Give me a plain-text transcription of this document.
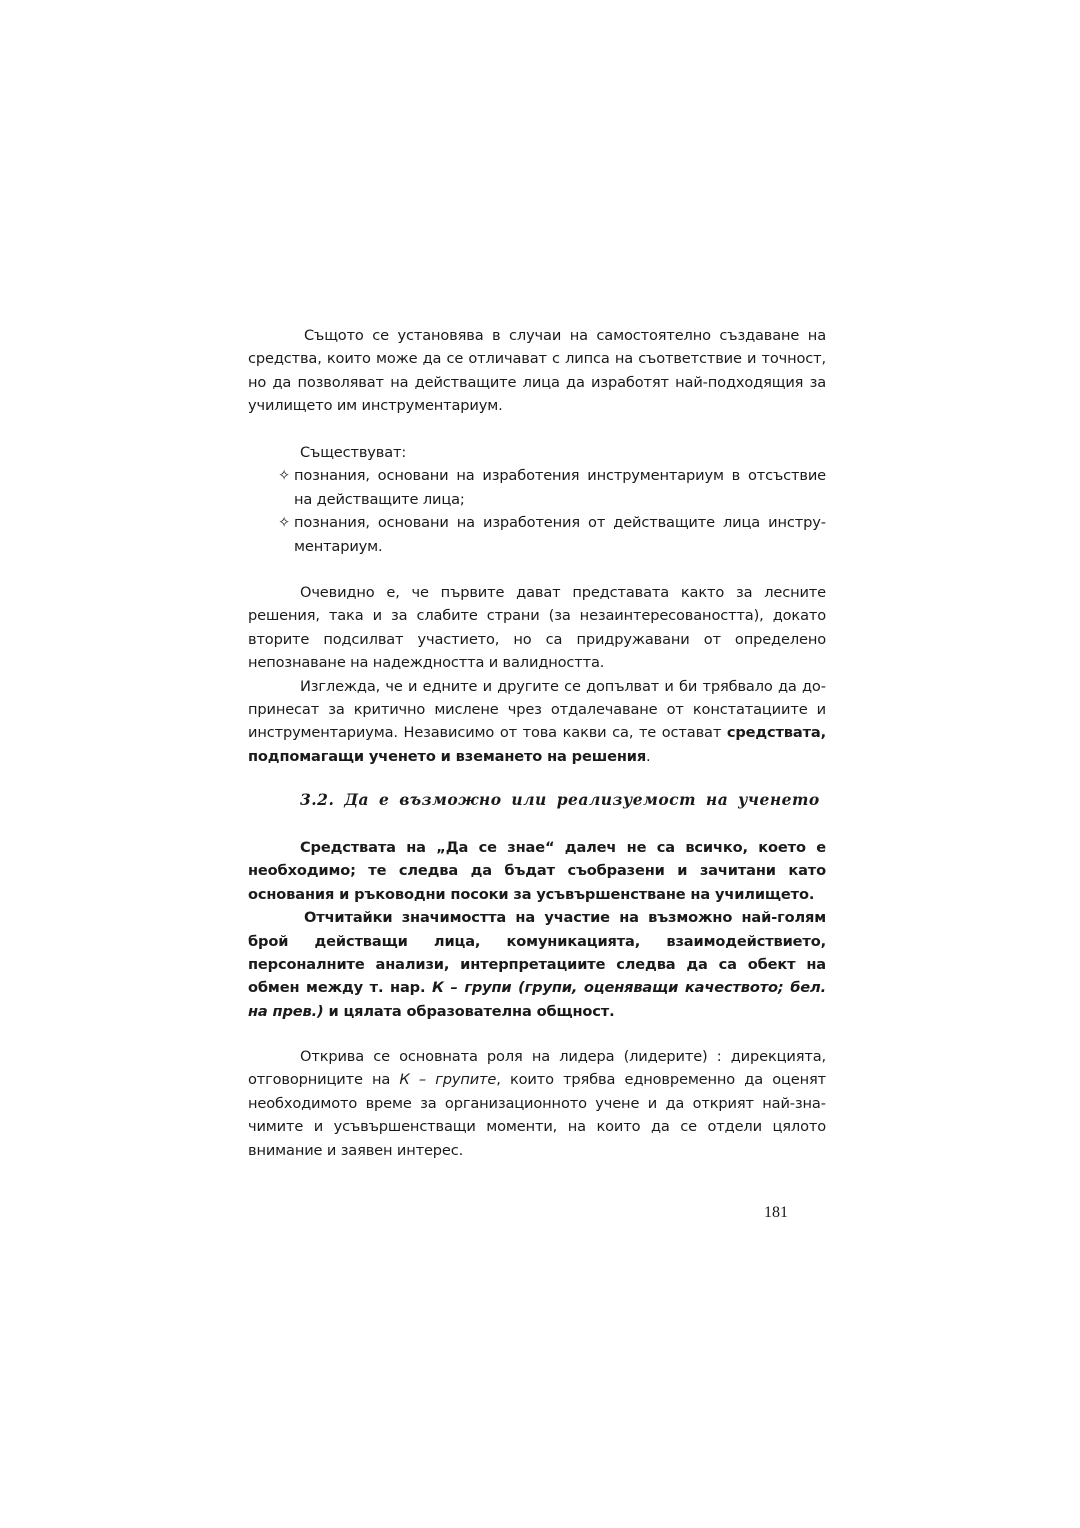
Същото се установява в случаи на самостоятелно създаване на средства, които може да се отличават с липса на съответствие и точност, но да позволяват на действащите лица да изработят най-подходящия за училището им инструментариум.

Съществуват:

✧ познания, основани на изработения инструментариум в отсъствие на действащите лица;

✧ познания, основани на изработения от действащите лица инструментариум.

Очевидно е, че първите дават представата както за лесните решения, така и за слабите страни (за незаинтересоваността), докато вторите подсилват участието, но са придружавани от определено непознаване на надеждността и валидността.

Изглежда, че и едните и другите се допълват и би трябвало да допринесат за критично мислене чрез отдалечаване от констатациите и инструментариума. Независимо от това какви са, те остават средствата, подпомагащи ученето и вземането на решения.

3.2. Да е възможно или реализуемост на ученето

Средствата на „Да се знае“ далеч не са всичко, което е необходимо; те следва да бъдат съобразени и зачитани като основания и ръководни посоки за усъвършенстване на училището.

Отчитайки значимостта на участие на възможно най-голям брой действащи лица, комуникацията, взаимодействието, персоналните анализи, интерпретациите следва да са обект на обмен между т. нар. К – групи (групи, оценяващи качеството; бел. на прев.) и цялата образователна общност.

Открива се основната роля на лидера (лидерите) : дирекцията, отговорниците на К – групите, които трябва едновременно да оценят необходимото време за организационното учене и да открият най-значимите и усъвършенстващи моменти, на които да се отдели цялото внимание и заявен интерес.

181
